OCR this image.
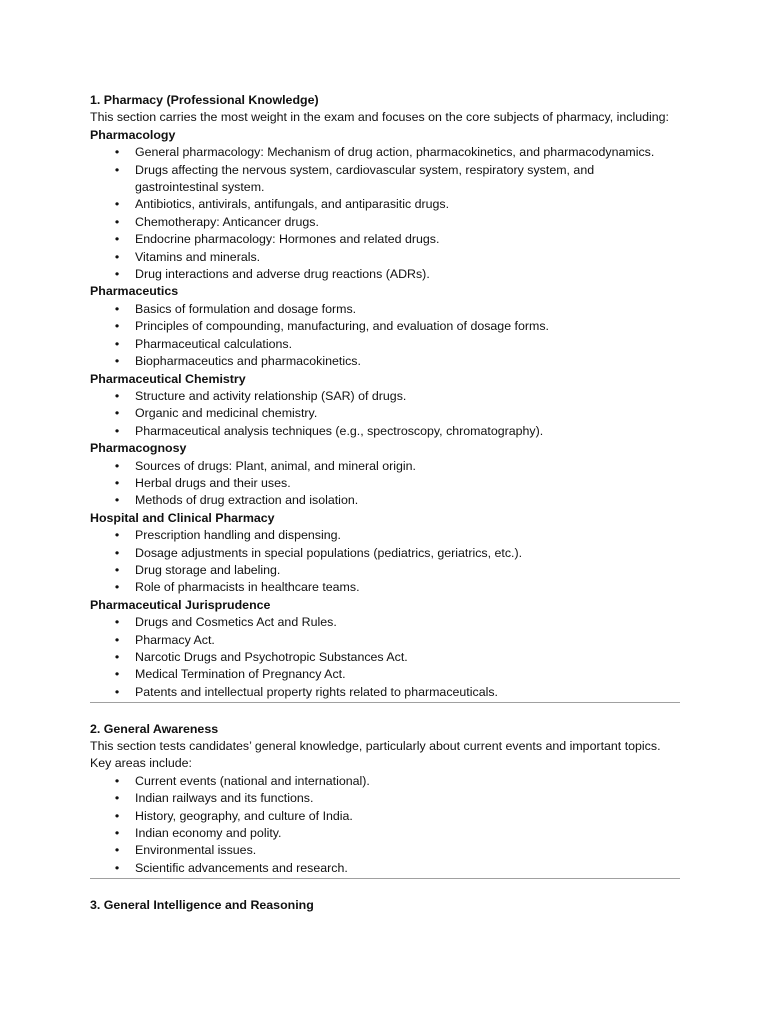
1. Pharmacy (Professional Knowledge)
This section carries the most weight in the exam and focuses on the core subjects of pharmacy, including:
Pharmacology
• General pharmacology: Mechanism of drug action, pharmacokinetics, and pharmacodynamics.
• Drugs affecting the nervous system, cardiovascular system, respiratory system, and gastrointestinal system.
• Antibiotics, antivirals, antifungals, and antiparasitic drugs.
• Chemotherapy: Anticancer drugs.
• Endocrine pharmacology: Hormones and related drugs.
• Vitamins and minerals.
• Drug interactions and adverse drug reactions (ADRs).
Pharmaceutics
• Basics of formulation and dosage forms.
• Principles of compounding, manufacturing, and evaluation of dosage forms.
• Pharmaceutical calculations.
• Biopharmaceutics and pharmacokinetics.
Pharmaceutical Chemistry
• Structure and activity relationship (SAR) of drugs.
• Organic and medicinal chemistry.
• Pharmaceutical analysis techniques (e.g., spectroscopy, chromatography).
Pharmacognosy
• Sources of drugs: Plant, animal, and mineral origin.
• Herbal drugs and their uses.
• Methods of drug extraction and isolation.
Hospital and Clinical Pharmacy
• Prescription handling and dispensing.
• Dosage adjustments in special populations (pediatrics, geriatrics, etc.).
• Drug storage and labeling.
• Role of pharmacists in healthcare teams.
Pharmaceutical Jurisprudence
• Drugs and Cosmetics Act and Rules.
• Pharmacy Act.
• Narcotic Drugs and Psychotropic Substances Act.
• Medical Termination of Pregnancy Act.
• Patents and intellectual property rights related to pharmaceuticals.
2. General Awareness
This section tests candidates’ general knowledge, particularly about current events and important topics. Key areas include:
• Current events (national and international).
• Indian railways and its functions.
• History, geography, and culture of India.
• Indian economy and polity.
• Environmental issues.
• Scientific advancements and research.
3. General Intelligence and Reasoning
